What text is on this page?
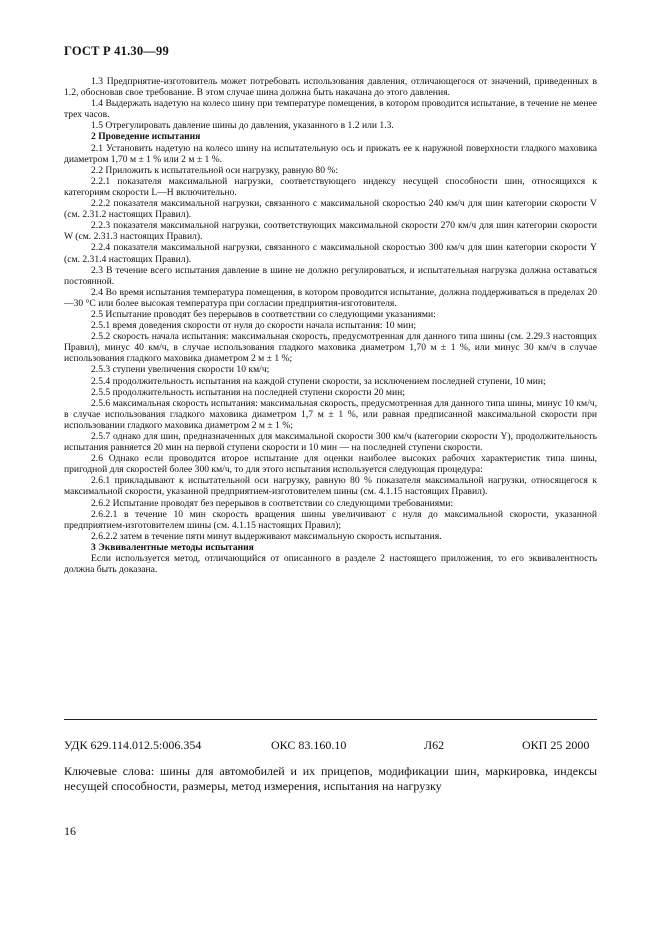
ГОСТ Р 41.30—99

1.3 Предприятие-изготовитель может потребовать использования давления, отличающегося от значений, приведенных в 1.2, обосновав свое требование. В этом случае шина должна быть накачана до этого давления.

1.4 Выдержать надетую на колесо шину при температуре помещения, в котором проводится испытание, в течение не менее трех часов.

1.5 Отрегулировать давление шины до давления, указанного в 1.2 или 1.3.

2 Проведение испытания

2.1 Установить надетую на колесо шину на испытательную ось и прижать ее к наружной поверхности гладкого маховика диаметром 1,70 м ± 1 % или 2 м ± 1 %.

2.2 Приложить к испытательной оси нагрузку, равную 80 %:

2.2.1 показателя максимальной нагрузки, соответствующего индексу несущей способности шин, относящихся к категориям скорости L—H включительно.

2.2.2 показателя максимальной нагрузки, связанного с максимальной скоростью 240 км/ч для шин категории скорости V (см. 2.31.2 настоящих Правил).

2.2.3 показателя максимальной нагрузки, соответствующих максимальной скорости 270 км/ч для шин категории скорости W (см. 2.31.3 настоящих Правил).

2.2.4 показателя максимальной нагрузки, связанного с максимальной скоростью 300 км/ч для шин категории скорости Y (см. 2.31.4 настоящих Правил).

2.3 В течение всего испытания давление в шине не должно регулироваться, и испытательная нагрузка должна оставаться постоянной.

2.4 Во время испытания температура помещения, в котором проводится испытание, должна поддерживаться в пределах 20—30 °С или более высокая температура при согласии предприятия-изготовителя.

2.5 Испытание проводят без перерывов в соответствии со следующими указаниями:

2.5.1 время доведения скорости от нуля до скорости начала испытания: 10 мин;

2.5.2 скорость начала испытания: максимальная скорость, предусмотренная для данного типа шины (см. 2.29.3 настоящих Правил), минус 40 км/ч, в случае использования гладкого маховика диаметром 1,70 м ± 1 %, или минус 30 км/ч в случае использования гладкого маховика диаметром 2 м ± 1 %;

2.5.3 ступени увеличения скорости 10 км/ч;

2.5.4 продолжительность испытания на каждой ступени скорости, за исключением последней ступени, 10 мин;

2.5.5 продолжительность испытания на последней ступени скорости 20 мин;

2.5.6 максимальная скорость испытания: максимальная скорость, предусмотренная для данного типа шины, минус 10 км/ч, в случае использования гладкого маховика диаметром 1,7 м ± 1 %, или равная предписанной максимальной скорости при использовании гладкого маховика диаметром 2 м ± 1 %;

2.5.7 однако для шин, предназначенных для максимальной скорости 300 км/ч (категории скорости Y), продолжительность испытания равняется 20 мин на первой ступени скорости и 10 мин — на последней ступени скорости.

2.6 Однако если проводится второе испытание для оценки наиболее высоких рабочих характеристик типа шины, пригодной для скоростей более 300 км/ч, то для этого испытания используется следующая процедура:

2.6.1 прикладывают к испытательной оси нагрузку, равную 80 % показателя максимальной нагрузки, относящегося к максимальной скорости, указанной предприятием-изготовителем шины (см. 4.1.15 настоящих Правил).

2.6.2 Испытание проводят без перерывов в соответствии со следующими требованиями:

2.6.2.1 в течение 10 мин скорость вращения шины увеличивают с нуля до максимальной скорости, указанной предприятием-изготовителем шины (см. 4.1.15 настоящих Правил);

2.6.2.2 затем в течение пяти минут выдерживают максимальную скорость испытания.

3 Эквивалентные методы испытания

Если используется метод, отличающийся от описанного в разделе 2 настоящего приложения, то его эквивалентность должна быть доказана.

УДК 629.114.012.5:006.354	ОКС 83.160.10	Л62	ОКП 25 2000
Ключевые слова: шины для автомобилей и их прицепов, модификации шин, маркировка, индексы несущей способности, размеры, метод измерения, испытания на нагрузку
16
